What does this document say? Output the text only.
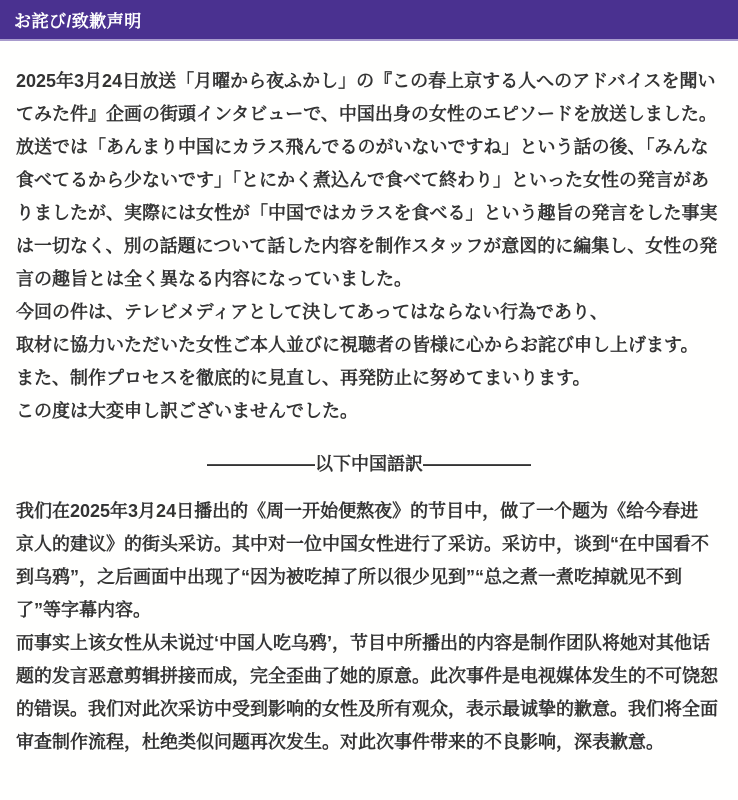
お詫び/致歉声明
2025年3月24日放送「月曜から夜ふかし」の『この春上京する人へのアドバイスを聞い
てみた件』企画の街頭インタビューで、中国出身の女性のエピソードを放送しました。
放送では「あんまり中国にカラス飛んでるのがいないですね」という話の後、「みんな
食べてるから少ないです」「とにかく煮込んで食べて終わり」といった女性の発言があ
りましたが、実際には女性が「中国ではカラスを食べる」という趣旨の発言をした事実
は一切なく、別の話題について話した内容を制作スタッフが意図的に編集し、女性の発
言の趣旨とは全く異なる内容になっていました。
今回の件は、テレビメディアとして決してあってはならない行為であり、
取材に協力いただいた女性ご本人並びに視聴者の皆様に心からお詫び申し上げます。
また、制作プロセスを徹底的に見直し、再発防止に努めてまいります。
この度は大変申し訳ございませんでした。
――――――以下中国語訳――――――
我们在2025年3月24日播出的《周一开始便熬夜》的节目中，做了一个题为《给今春进
京人的建议》的街头采访。其中对一位中国女性进行了采访。采访中，谈到“在中国看不
到乌鸦”，之后画面中出现了“因为被吃掉了所以很少见到”“总之煮一煮吃掉就见不到
了”等字幕内容。
而事实上该女性从未说过‘中国人吃乌鸦’，节目中所播出的内容是制作团队将她对其他话
题的发言恶意剪辑拼接而成，完全歪曲了她的原意。此次事件是电视媒体发生的不可饶恕
的错误。我们对此次采访中受到影响的女性及所有观众，表示最诚挚的歉意。我们将全面
审查制作流程，杜绝类似问题再次发生。对此次事件带来的不良影响，深表歉意。
